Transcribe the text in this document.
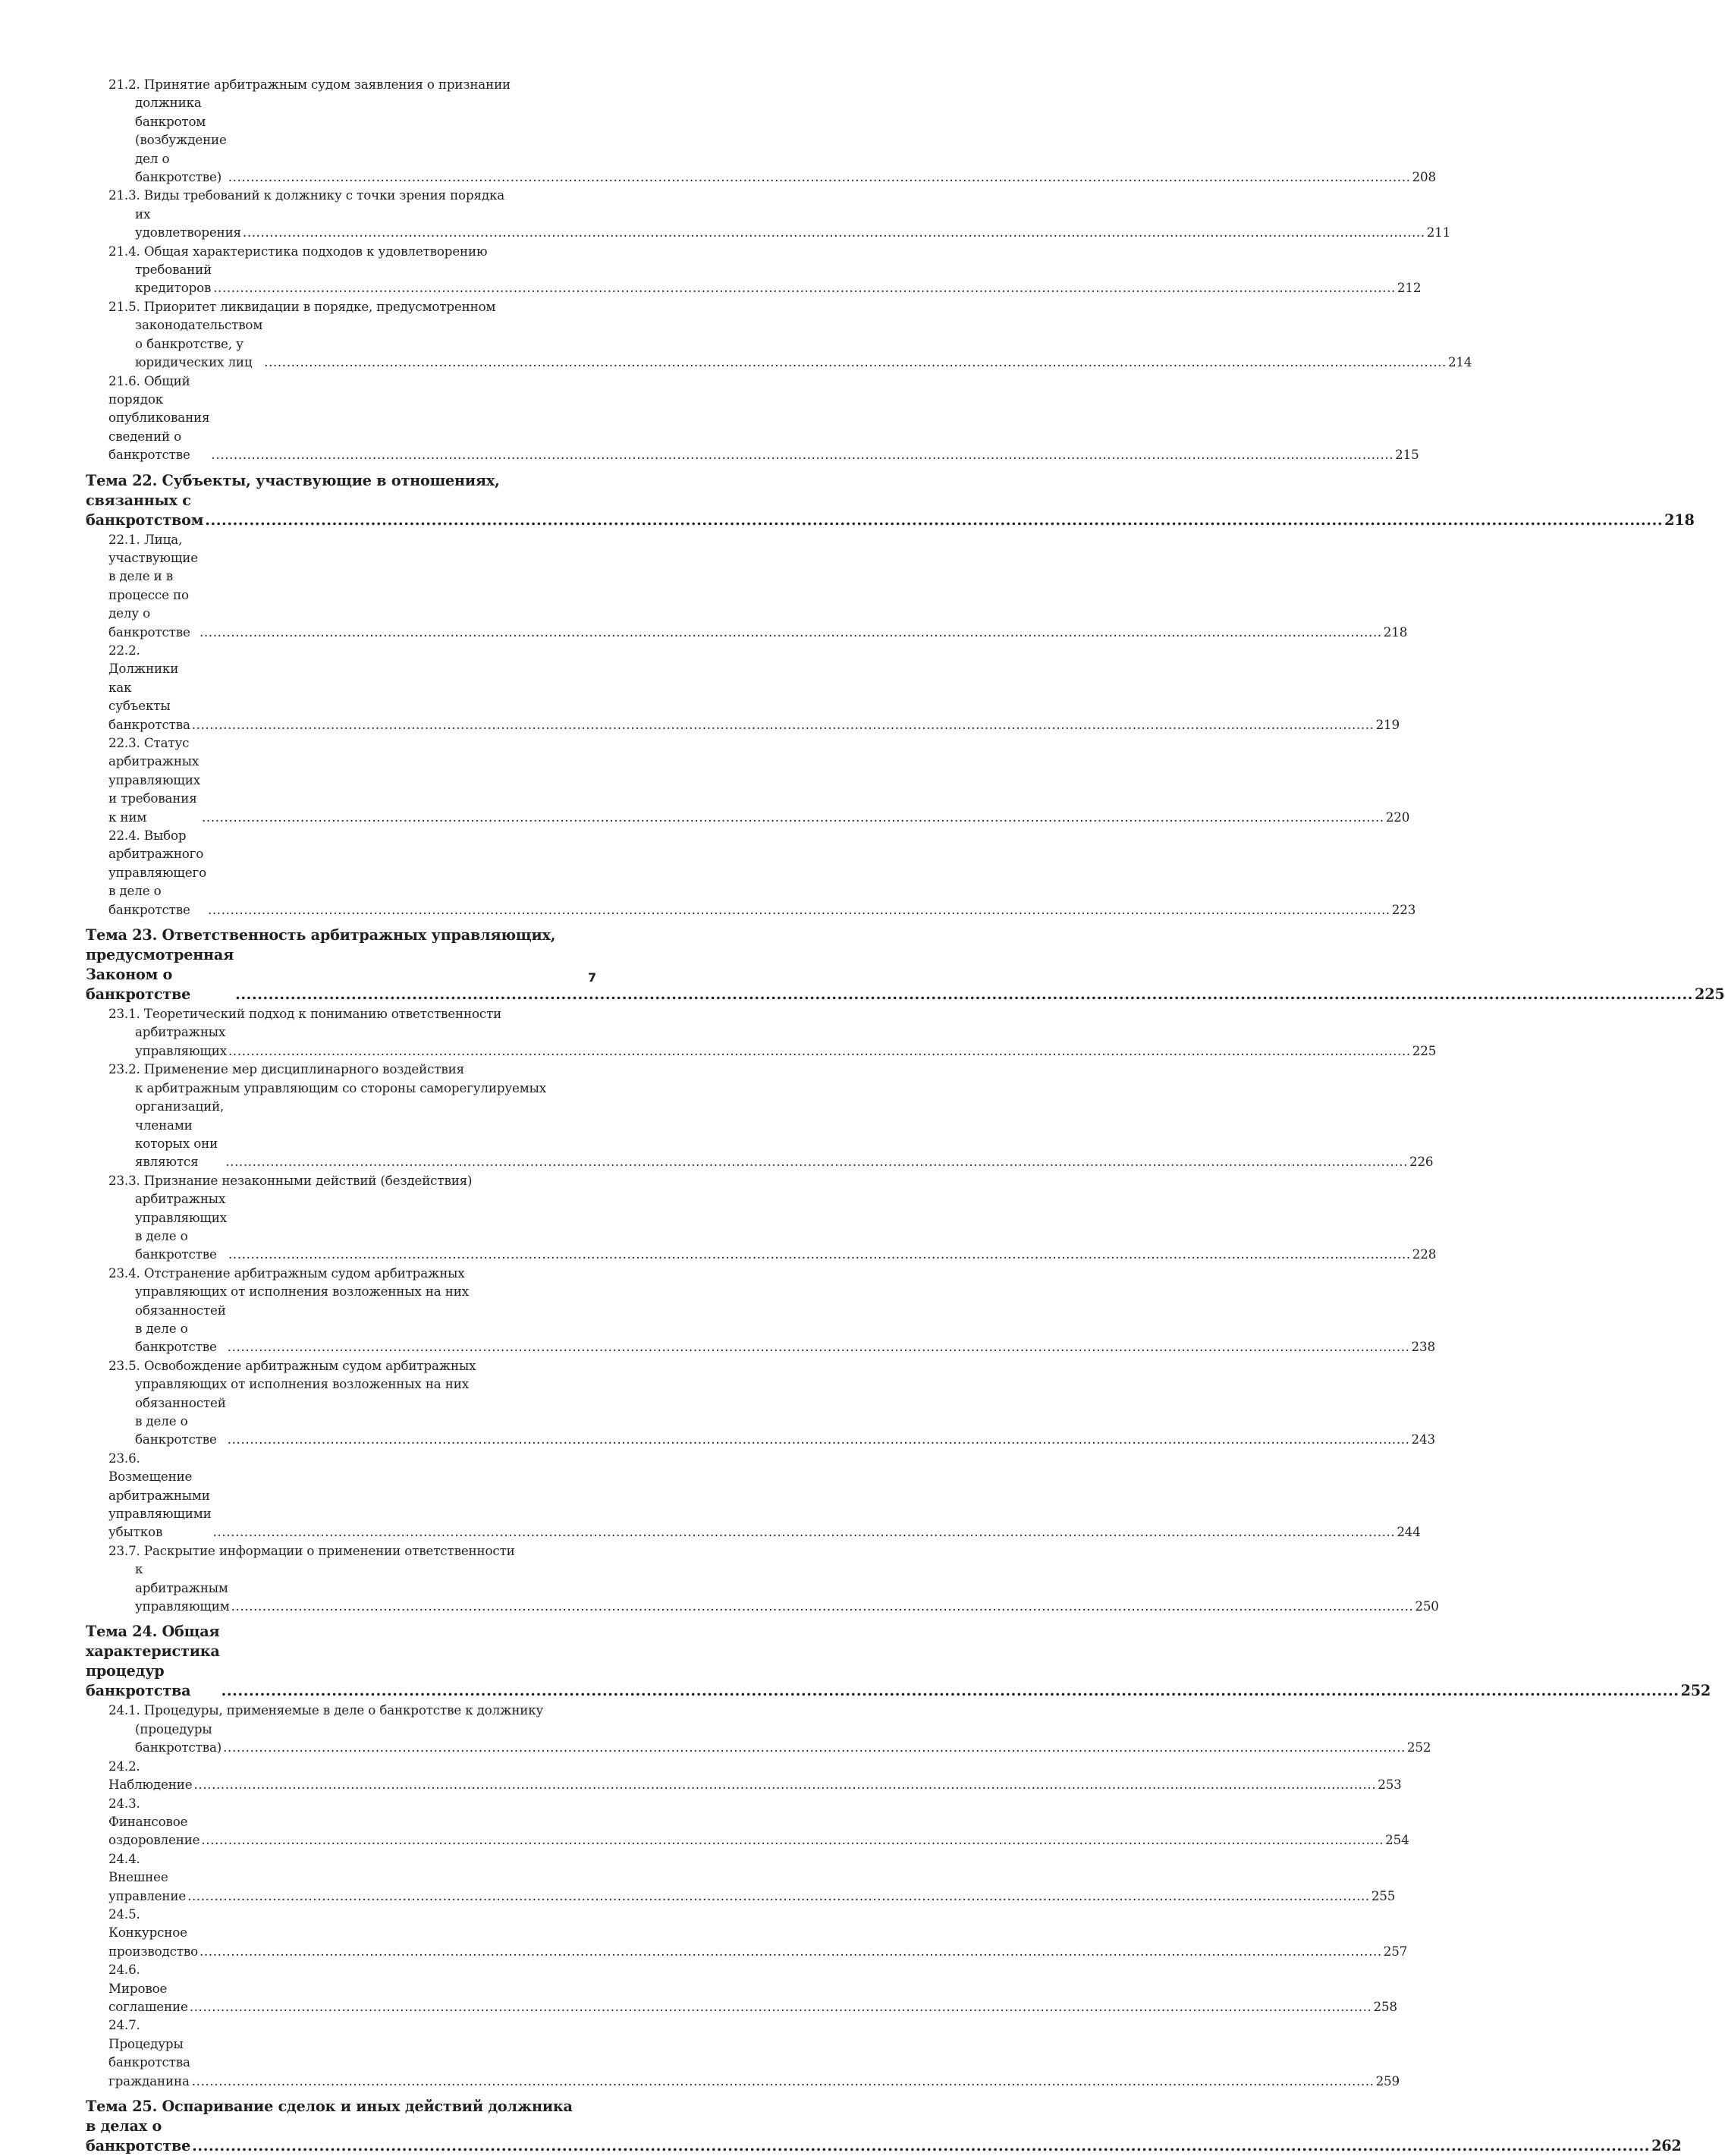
21.2. Принятие арбитражным судом заявления о признании
должника банкротом (возбуждение дел о банкротстве) .....	208
21.3. Виды требований к должнику с точки зрения порядка
их удовлетворения .....	211
21.4. Общая характеристика подходов к удовлетворению
требований кредиторов .....	212
21.5. Приоритет ликвидации в порядке, предусмотренном
законодательством о банкротстве, у юридических лиц .....	214
21.6. Общий порядок опубликования сведений о банкротстве .....	215
Тема 22. Субъекты, участвующие в отношениях,
связанных с банкротством .....	218
22.1. Лица, участвующие в деле и в процессе по делу о банкротстве .....	218
22.2. Должники как субъекты банкротства .....	219
22.3. Статус арбитражных управляющих и требования к ним .....	220
22.4. Выбор арбитражного управляющего в деле о банкротстве .....	223
Тема 23. Ответственность арбитражных управляющих,
предусмотренная Законом о банкротстве .....	225
23.1. Теоретический подход к пониманию ответственности
арбитражных управляющих .....	225
23.2. Применение мер дисциплинарного воздействия
к арбитражным управляющим со стороны саморегулируемых
организаций, членами которых они являются .....	226
23.3. Признание незаконными действий (бездействия)
арбитражных управляющих в деле о банкротстве .....	228
23.4. Отстранение арбитражным судом арбитражных
управляющих от исполнения возложенных на них
обязанностей в деле о банкротстве .....	238
23.5. Освобождение арбитражным судом арбитражных
управляющих от исполнения возложенных на них
обязанностей в деле о банкротстве .....	243
23.6. Возмещение арбитражными управляющими убытков .....	244
23.7. Раскрытие информации о применении ответственности
к арбитражным управляющим .....	250
Тема 24. Общая характеристика процедур банкротства .....	252
24.1. Процедуры, применяемые в деле о банкротстве к должнику
(процедуры банкротства) .....	252
24.2. Наблюдение .....	253
24.3. Финансовое оздоровление .....	254
24.4. Внешнее управление .....	255
24.5. Конкурсное производство .....	257
24.6. Мировое соглашение .....	258
24.7. Процедуры банкротства гражданина .....	259
Тема 25. Оспаривание сделок и иных действий должника
в делах о банкротстве .....	262
7
